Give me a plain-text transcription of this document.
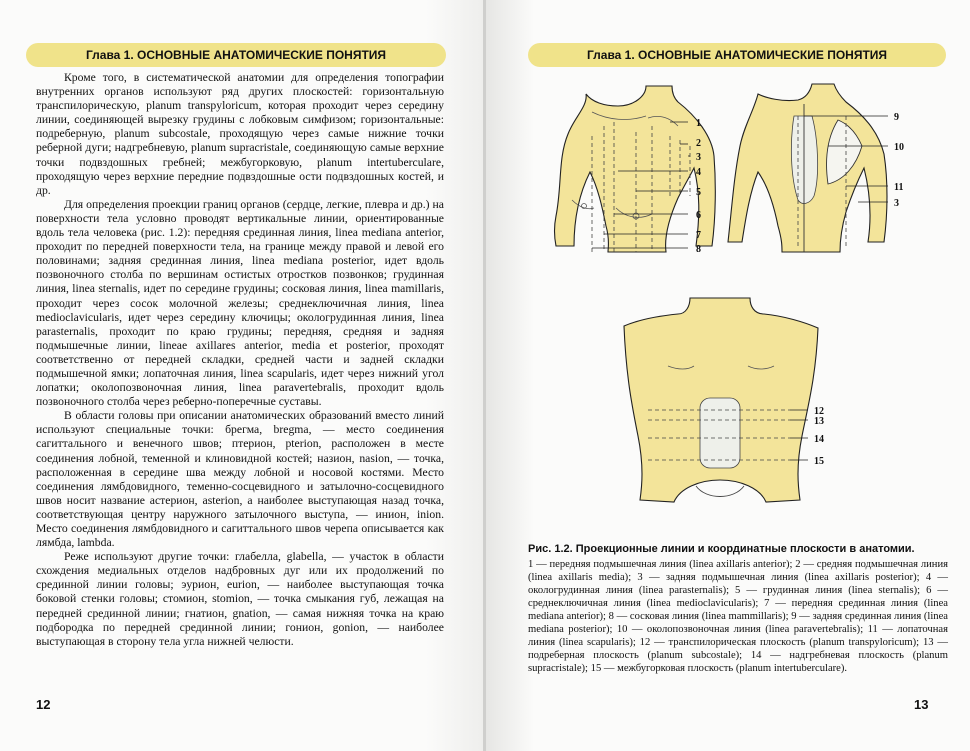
Глава 1. ОСНОВНЫЕ АНАТОМИЧЕСКИЕ ПОНЯТИЯ

Кроме того, в систематической анатомии для определения топографии внутренних органов используют ряд других плоскостей: горизонтальную транспилорическую, planum transpyloricum, которая проходит через середину линии, соединяющей вырезку грудины с лобковым симфизом; горизонтальные: подреберную, planum subcostale, проходящую через самые нижние точки реберной дуги; надгребневую, planum supracristale, соединяющую самые верхние точки подвздошных гребней; межбугорковую, planum intertuberculare, проходящую через верхние передние подвздошные ости подвздошных костей, и др.

Для определения проекции границ органов (сердце, легкие, плевра и др.) на поверхности тела условно проводят вертикальные линии, ориентированные вдоль тела человека (рис. 1.2): передняя срединная линия, linea mediana anterior, проходит по передней поверхности тела, на границе между правой и левой его половинами; задняя срединная линия, linea mediana posterior, идет вдоль позвоночного столба по вершинам остистых отростков позвонков; грудинная линия, linea sternalis, идет по середине грудины; сосковая линия, linea mamillaris, проходит через сосок молочной железы; среднеключичная линия, linea medioclavicularis, идет через середину ключицы; окологрудинная линия, linea parasternalis, проходит по краю грудины; передняя, средняя и задняя подмышечные линии, lineae axillares anterior, media et posterior, проходят соответственно от передней складки, средней части и задней складки подмышечной ямки; лопаточная линия, linea scapularis, идет через нижний угол лопатки; околопозвоночная линия, linea paravertebralis, проходит вдоль позвоночного столба через реберно-поперечные суставы.

В области головы при описании анатомических образований вместо линий используют специальные точки: брегма, bregma, — место соединения сагиттального и венечного швов; птерион, pterion, расположен в месте соединения лобной, теменной и клиновидной костей; назион, nasion, — точка, расположенная в середине шва между лобной и носовой костями. Место соединения лямбдовидного, теменно-сосцевидного и затылочно-сосцевидного швов носит название астерион, asterion, а наиболее выступающая назад точка, соответствующая центру наружного затылочного выступа, — инион, inion. Место соединения лямбдовидного и сагиттального швов черепа описывается как лямбда, lambda.

Реже используют другие точки: глабелла, glabella, — участок в области схождения медиальных отделов надбровных дуг или их продолжений по срединной линии головы; эурион, eurion, — наиболее выступающая точка боковой стенки головы; стомион, stomion, — точка смыкания губ, лежащая на передней срединной линии; гнатион, gnation, — самая нижняя точка на краю подбородка по передней срединной линии; гонион, gonion, — наиболее выступающая в сторону тела угла нижней челюсти.

12
Глава 1. ОСНОВНЫЕ АНАТОМИЧЕСКИЕ ПОНЯТИЯ
1
2
3
4
5
6
7
8
9
10
11
3
12
13
14
15
Рис. 1.2. Проекционные линии и координатные плоскости в анатомии.

1 — передняя подмышечная линия (linea axillaris anterior); 2 — средняя подмышечная линия (linea axillaris media); 3 — задняя подмышечная линия (linea axillaris posterior); 4 — окологрудинная линия (linea parasternalis); 5 — грудинная линия (linea sternalis); 6 — среднеключичная линия (linea medioclavicularis); 7 — передняя срединная линия (linea mediana anterior); 8 — сосковая линия (linea mammillaris); 9 — задняя срединная линия (linea mediana posterior); 10 — околопозвоночная линия (linea paravertebralis); 11 — лопаточная линия (linea scapularis); 12 — транспилорическая плоскость (planum transpyloricum); 13 — подреберная плоскость (planum subcostale); 14 — надгребневая плоскость (planum supracristale); 15 — межбугорковая плоскость (planum intertuberculare).

13
